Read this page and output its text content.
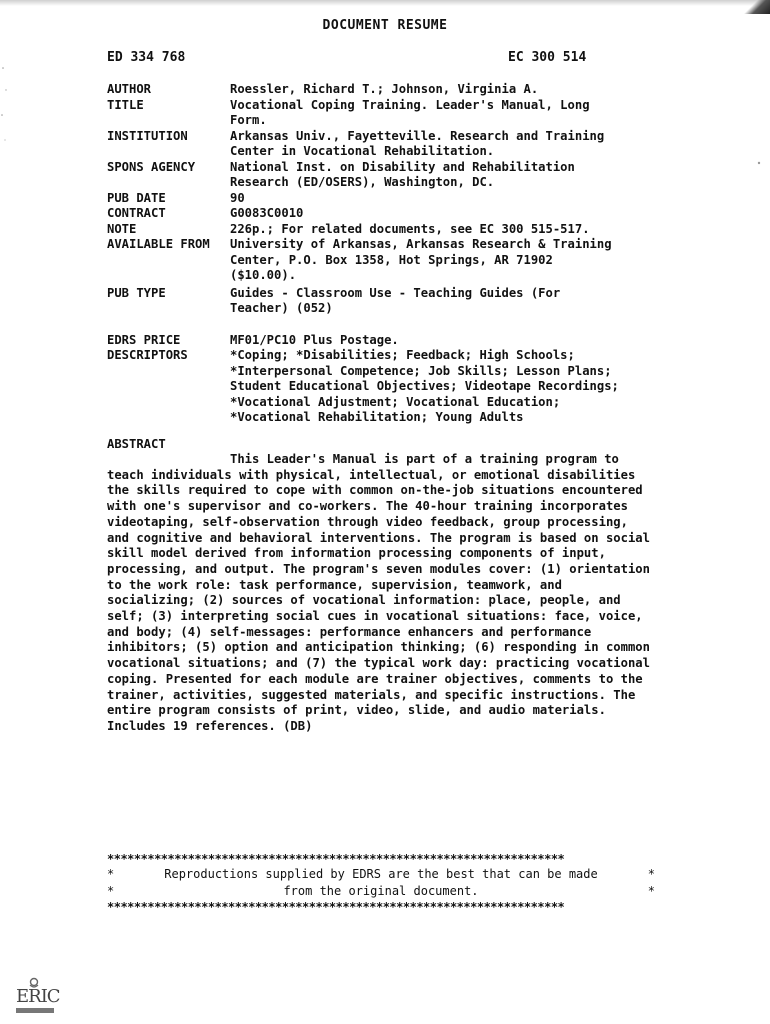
DOCUMENT RESUME
ED 334 768	EC 300 514
AUTHOR	Roessler, Richard T.; Johnson, Virginia A.
TITLE	Vocational Coping Training. Leader's Manual, Long
Form.
INSTITUTION	Arkansas Univ., Fayetteville. Research and Training
Center in Vocational Rehabilitation.
SPONS AGENCY	National Inst. on Disability and Rehabilitation
Research (ED/OSERS), Washington, DC.
PUB DATE	90
CONTRACT	G0083C0010
NOTE	226p.; For related documents, see EC 300 515-517.
AVAILABLE FROM	University of Arkansas, Arkansas Research & Training
Center, P.O. Box 1358, Hot Springs, AR 71902
($10.00).
PUB TYPE	Guides - Classroom Use - Teaching Guides (For
Teacher) (052)
EDRS PRICE	MF01/PC10 Plus Postage.
DESCRIPTORS	*Coping; *Disabilities; Feedback; High Schools;
*Interpersonal Competence; Job Skills; Lesson Plans;
Student Educational Objectives; Videotape Recordings;
*Vocational Adjustment; Vocational Education;
*Vocational Rehabilitation; Young Adults
ABSTRACT
This Leader's Manual is part of a training program to teach individuals with physical, intellectual, or emotional disabilities the skills required to cope with common on-the-job situations encountered with one's supervisor and co-workers. The 40-hour training incorporates videotaping, self-observation through video feedback, group processing, and cognitive and behavioral interventions. The program is based on social skill model derived from information processing components of input, processing, and output. The program's seven modules cover: (1) orientation to the work role: task performance, supervision, teamwork, and socializing; (2) sources of vocational information: place, people, and self; (3) interpreting social cues in vocational situations: face, voice, and body; (4) self-messages: performance enhancers and performance inhibitors; (5) option and anticipation thinking; (6) responding in common vocational situations; and (7) the typical work day: practicing vocational coping. Presented for each module are trainer objectives, comments to the trainer, activities, suggested materials, and specific instructions. The entire program consists of print, video, slide, and audio materials. Includes 19 references. (DB)
********************************************************************
*	Reproductions supplied by EDRS are the best that can be made	*
*	from the original document.	*
********************************************************************
ERIC
